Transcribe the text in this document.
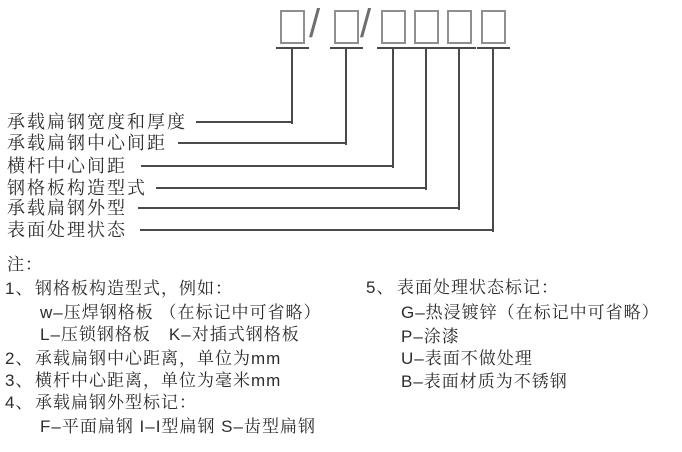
/ /
承载扁钢宽度和厚度
承载扁钢中心间距
横杆中心间距
钢格板构造型式
承载扁钢外型
表面处理状态
注：
1、钢格板构造型式，例如：
w–压焊钢格板 （在标记中可省略）
L–压锁钢格板　K–对插式钢格板
2、承载扁钢中心距离，单位为mm
3、横杆中心距离，单位为毫米mm
4、承载扁钢外型标记：
F–平面扁钢 I–I型扁钢 S–齿型扁钢
5、 表面处理状态标记：
G–热浸镀锌（在标记中可省略）
P–涂漆
U–表面不做处理
B–表面材质为不锈钢
